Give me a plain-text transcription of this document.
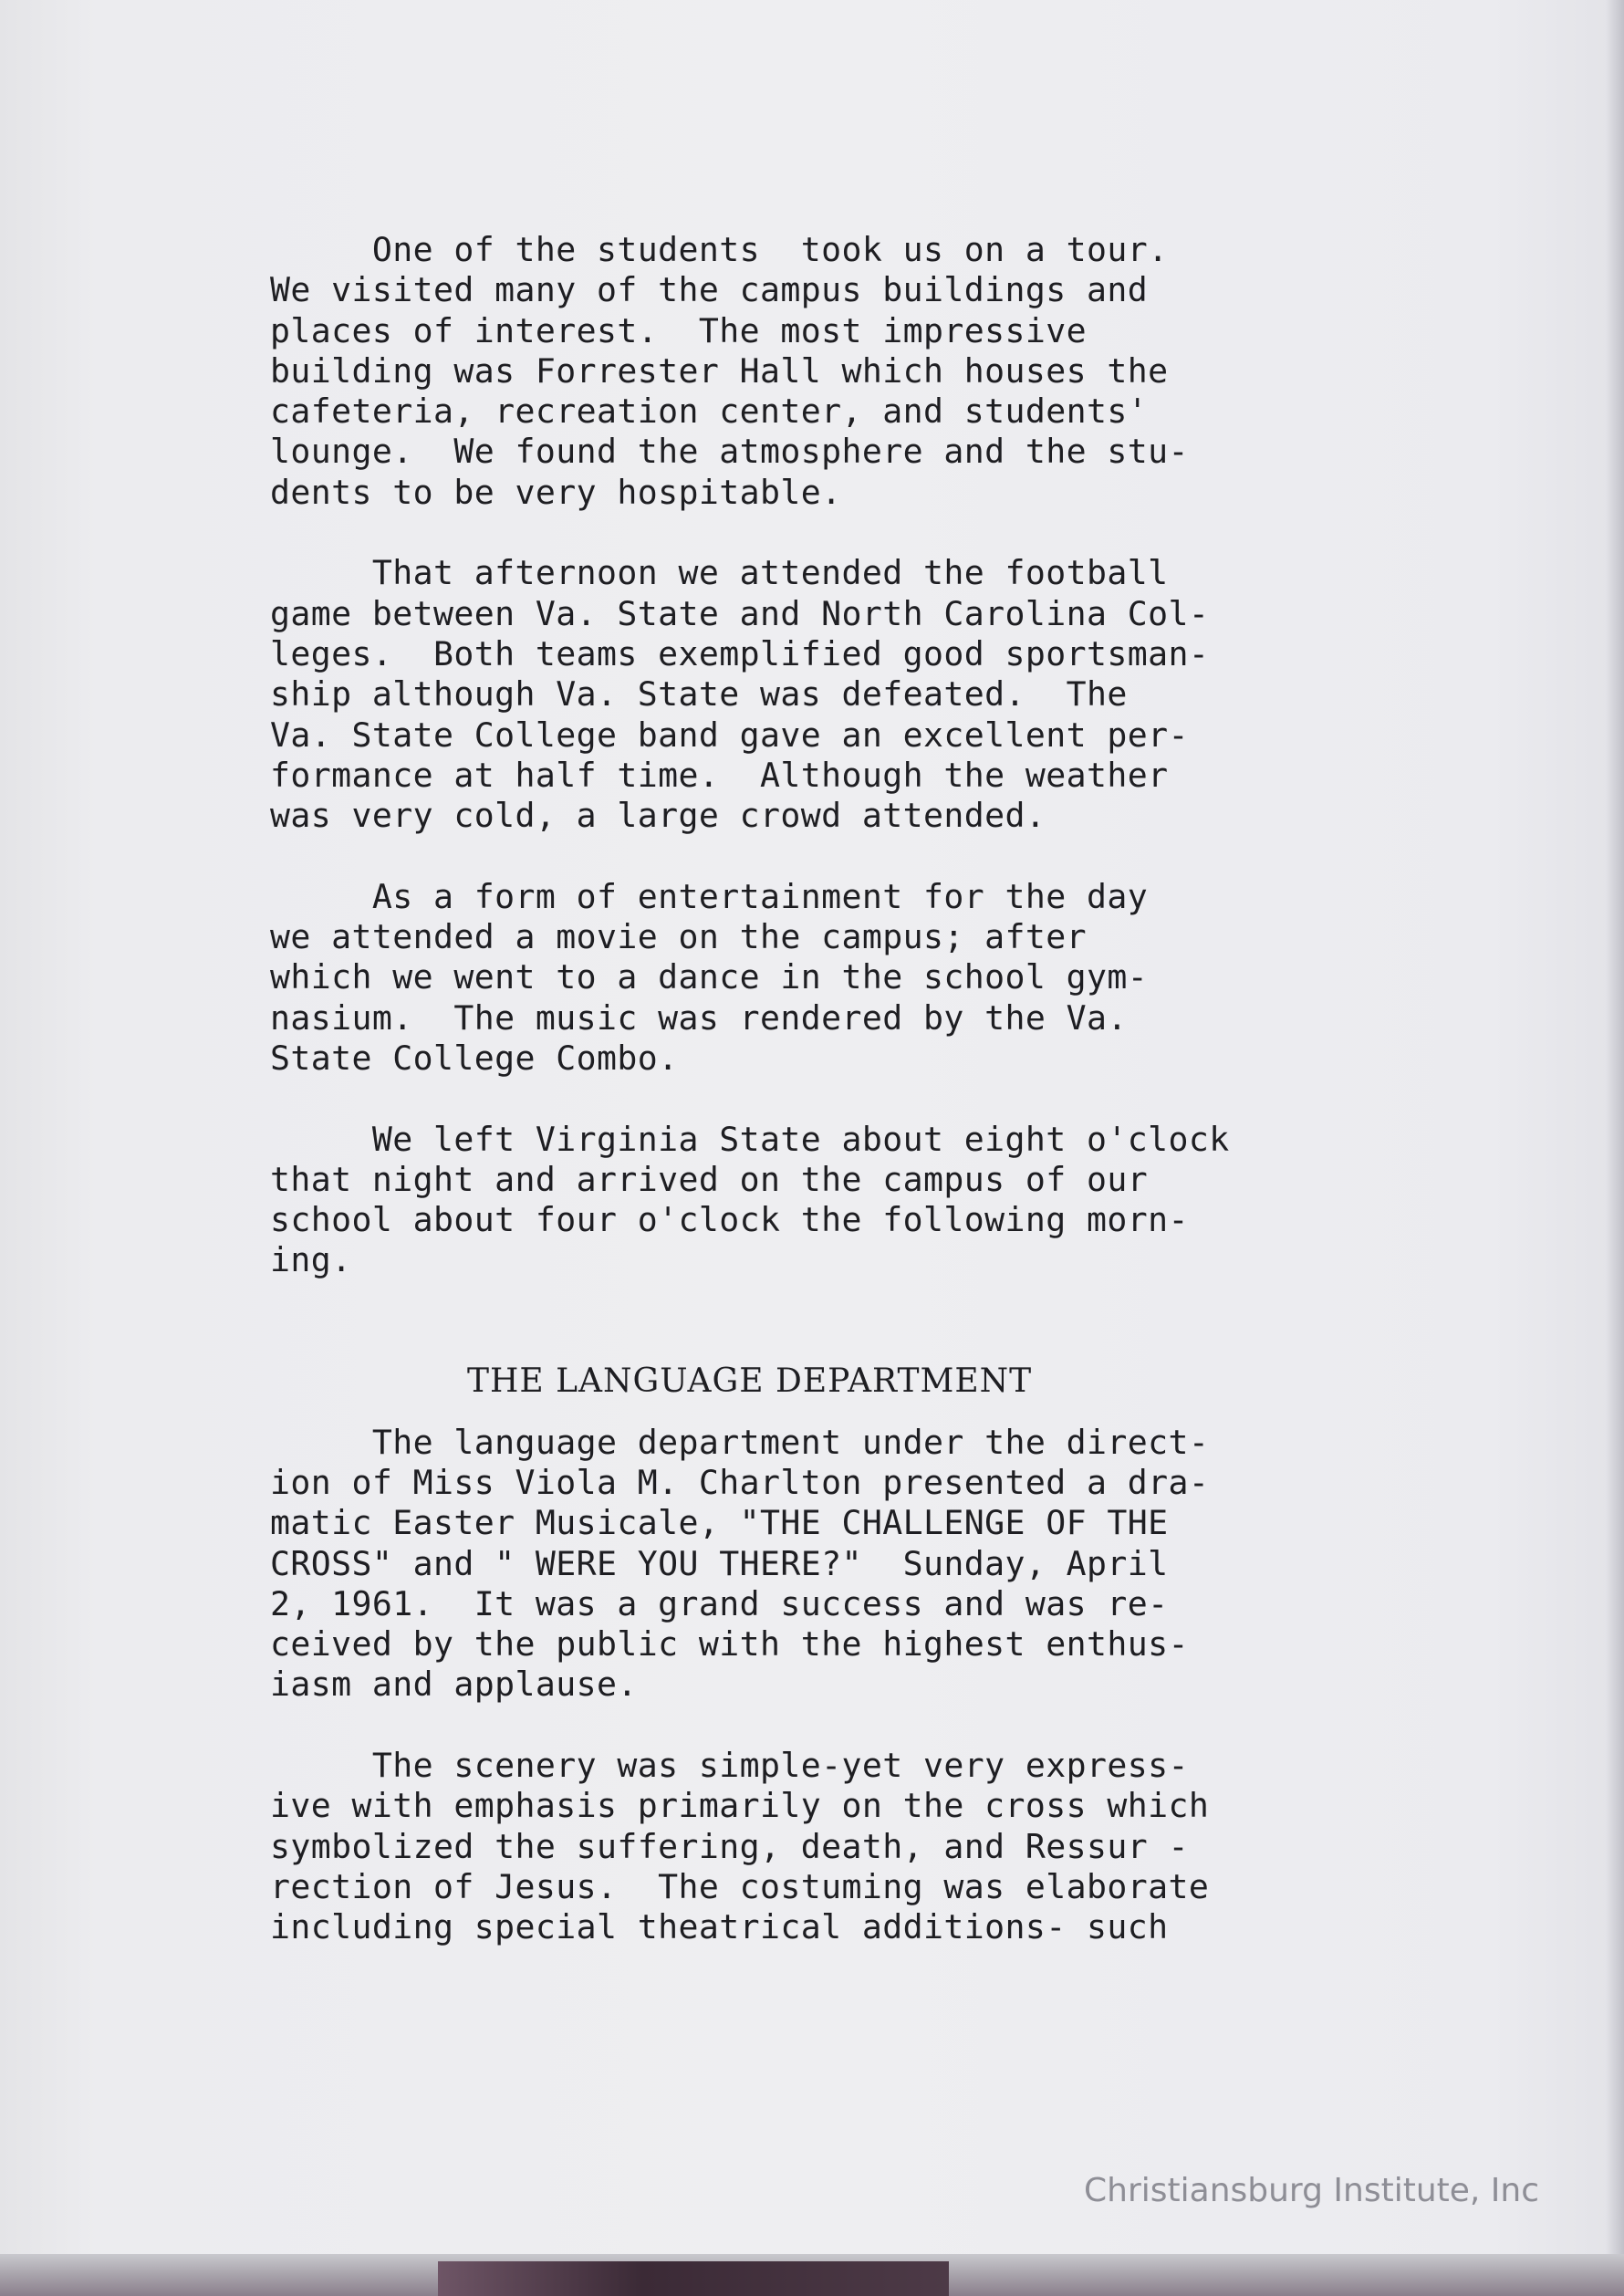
One of the students  took us on a tour.
We visited many of the campus buildings and
places of interest.  The most impressive
building was Forrester Hall which houses the
cafeteria, recreation center, and students'
lounge.  We found the atmosphere and the stu-
dents to be very hospitable.
That afternoon we attended the football
game between Va. State and North Carolina Col-
leges.  Both teams exemplified good sportsman-
ship although Va. State was defeated.  The
Va. State College band gave an excellent per-
formance at half time.  Although the weather
was very cold, a large crowd attended.
As a form of entertainment for the day
we attended a movie on the campus; after
which we went to a dance in the school gym-
nasium.  The music was rendered by the Va.
State College Combo.
We left Virginia State about eight o'clock
that night and arrived on the campus of our
school about four o'clock the following morn-
ing.
THE LANGUAGE DEPARTMENT
The language department under the direct-
ion of Miss Viola M. Charlton presented a dra-
matic Easter Musicale, "THE CHALLENGE OF THE
CROSS" and " WERE YOU THERE?"  Sunday, April
2, 1961.  It was a grand success and was re-
ceived by the public with the highest enthus-
iasm and applause.
The scenery was simple-yet very express-
ive with emphasis primarily on the cross which
symbolized the suffering, death, and Ressur -
rection of Jesus.  The costuming was elaborate
including special theatrical additions- such
Christiansburg Institute, Inc
